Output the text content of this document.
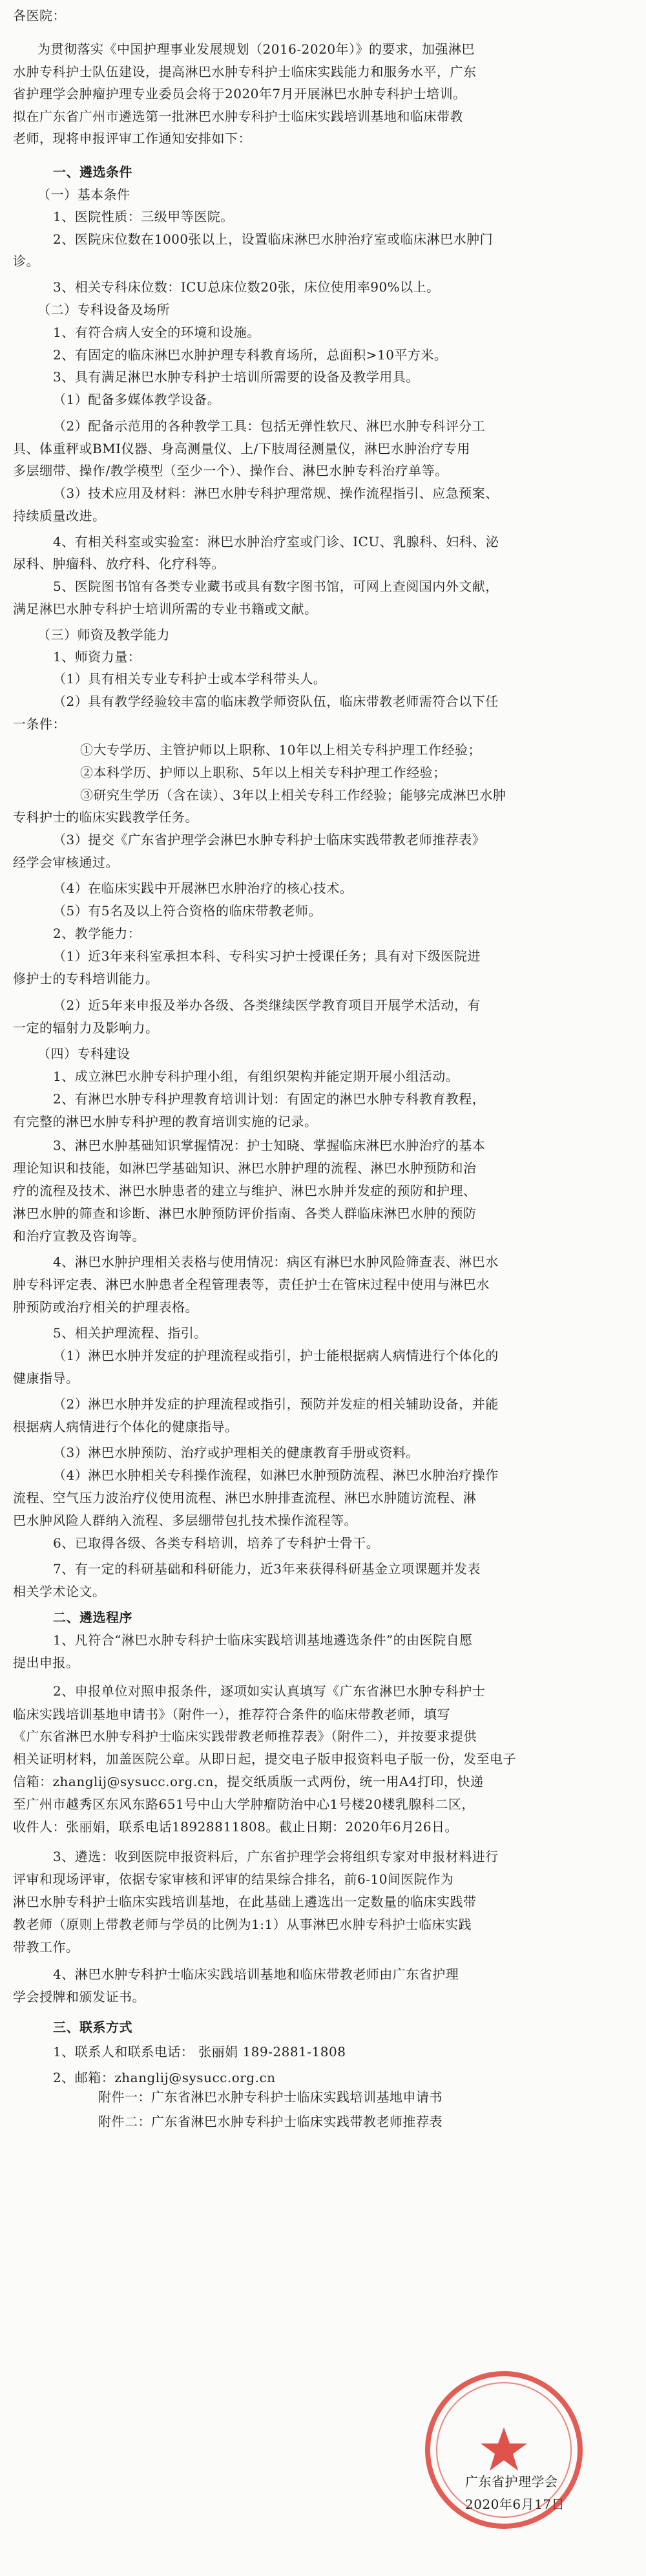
各医院：
为贯彻落实《中国护理事业发展规划（2016-2020年）》的要求，加强淋巴
水肿专科护士队伍建设，提高淋巴水肿专科护士临床实践能力和服务水平，广东
省护理学会肿瘤护理专业委员会将于2020年7月开展淋巴水肿专科护士培训。
拟在广东省广州市遴选第一批淋巴水肿专科护士临床实践培训基地和临床带教
老师，现将申报评审工作通知安排如下：
一、遴选条件
（一）基本条件
1、医院性质：三级甲等医院。
2、医院床位数在1000张以上，设置临床淋巴水肿治疗室或临床淋巴水肿门
诊。
3、相关专科床位数：ICU总床位数20张，床位使用率90%以上。
（二）专科设备及场所
1、有符合病人安全的环境和设施。
2、有固定的临床淋巴水肿护理专科教育场所，总面积>10平方米。
3、具有满足淋巴水肿专科护士培训所需要的设备及教学用具。
（1）配备多媒体教学设备。
（2）配备示范用的各种教学工具：包括无弹性软尺、淋巴水肿专科评分工
具、体重秤或BMI仪器、身高测量仪、上/下肢周径测量仪，淋巴水肿治疗专用
多层绷带、操作/教学模型（至少一个）、操作台、淋巴水肿专科治疗单等。
（3）技术应用及材料：淋巴水肿专科护理常规、操作流程指引、应急预案、
持续质量改进。
4、有相关科室或实验室：淋巴水肿治疗室或门诊、ICU、乳腺科、妇科、泌
尿科、肿瘤科、放疗科、化疗科等。
5、医院图书馆有各类专业藏书或具有数字图书馆，可网上查阅国内外文献，
满足淋巴水肿专科护士培训所需的专业书籍或文献。
（三）师资及教学能力
1、师资力量：
（1）具有相关专业专科护士或本学科带头人。
（2）具有教学经验较丰富的临床教学师资队伍，临床带教老师需符合以下任
一条件：
①大专学历、主管护师以上职称、10年以上相关专科护理工作经验；
②本科学历、护师以上职称、5年以上相关专科护理工作经验；
③研究生学历（含在读）、3年以上相关专科工作经验；能够完成淋巴水肿
专科护士的临床实践教学任务。
（3）提交《广东省护理学会淋巴水肿专科护士临床实践带教老师推荐表》
经学会审核通过。
（4）在临床实践中开展淋巴水肿治疗的核心技术。
（5）有5名及以上符合资格的临床带教老师。
2、教学能力：
（1）近3年来科室承担本科、专科实习护士授课任务；具有对下级医院进
修护士的专科培训能力。
（2）近5年来申报及举办各级、各类继续医学教育项目开展学术活动，有
一定的辐射力及影响力。
（四）专科建设
1、成立淋巴水肿专科护理小组，有组织架构并能定期开展小组活动。
2、有淋巴水肿专科护理教育培训计划：有固定的淋巴水肿专科教育教程，
有完整的淋巴水肿专科护理的教育培训实施的记录。
3、淋巴水肿基础知识掌握情况：护士知晓、掌握临床淋巴水肿治疗的基本
理论知识和技能，如淋巴学基础知识、淋巴水肿护理的流程、淋巴水肿预防和治
疗的流程及技术、淋巴水肿患者的建立与维护、淋巴水肿并发症的预防和护理、
淋巴水肿的筛查和诊断、淋巴水肿预防评价指南、各类人群临床淋巴水肿的预防
和治疗宣教及咨询等。
4、淋巴水肿护理相关表格与使用情况：病区有淋巴水肿风险筛查表、淋巴水
肿专科评定表、淋巴水肿患者全程管理表等，责任护士在管床过程中使用与淋巴水
肿预防或治疗相关的护理表格。
5、相关护理流程、指引。
（1）淋巴水肿并发症的护理流程或指引，护士能根据病人病情进行个体化的
健康指导。
（2）淋巴水肿并发症的护理流程或指引，预防并发症的相关辅助设备，并能
根据病人病情进行个体化的健康指导。
（3）淋巴水肿预防、治疗或护理相关的健康教育手册或资料。
（4）淋巴水肿相关专科操作流程，如淋巴水肿预防流程、淋巴水肿治疗操作
流程、空气压力波治疗仪使用流程、淋巴水肿排查流程、淋巴水肿随访流程、淋
巴水肿风险人群纳入流程、多层绷带包扎技术操作流程等。
6、已取得各级、各类专科培训，培养了专科护士骨干。
7、有一定的科研基础和科研能力，近3年来获得科研基金立项课题并发表
相关学术论文。
二、遴选程序
1、凡符合“淋巴水肿专科护士临床实践培训基地遴选条件”的由医院自愿
提出申报。
2、申报单位对照申报条件，逐项如实认真填写《广东省淋巴水肿专科护士
临床实践培训基地申请书》（附件一），推荐符合条件的临床带教老师，填写
《广东省淋巴水肿专科护士临床实践带教老师推荐表》（附件二），并按要求提供
相关证明材料，加盖医院公章。从即日起，提交电子版申报资料电子版一份，发至电子
信箱：zhanglij@sysucc.org.cn，提交纸质版一式两份，统一用A4打印，快递
至广州市越秀区东风东路651号中山大学肿瘤防治中心1号楼20楼乳腺科二区，
收件人：张丽娟，联系电话18928811808。截止日期：2020年6月26日。
3、遴选：收到医院申报资料后，广东省护理学会将组织专家对申报材料进行
评审和现场评审，依据专家审核和评审的结果综合排名，前6-10间医院作为
淋巴水肿专科护士临床实践培训基地，在此基础上遴选出一定数量的临床实践带
教老师（原则上带教老师与学员的比例为1:1）从事淋巴水肿专科护士临床实践
带教工作。
4、淋巴水肿专科护士临床实践培训基地和临床带教老师由广东省护理
学会授牌和颁发证书。
三、联系方式
1、联系人和联系电话： 张丽娟 189-2881-1808
2、邮箱：zhanglij@sysucc.org.cn
附件一：广东省淋巴水肿专科护士临床实践培训基地申请书
附件二：广东省淋巴水肿专科护士临床实践带教老师推荐表
广东省护理学会
2020年6月17日
